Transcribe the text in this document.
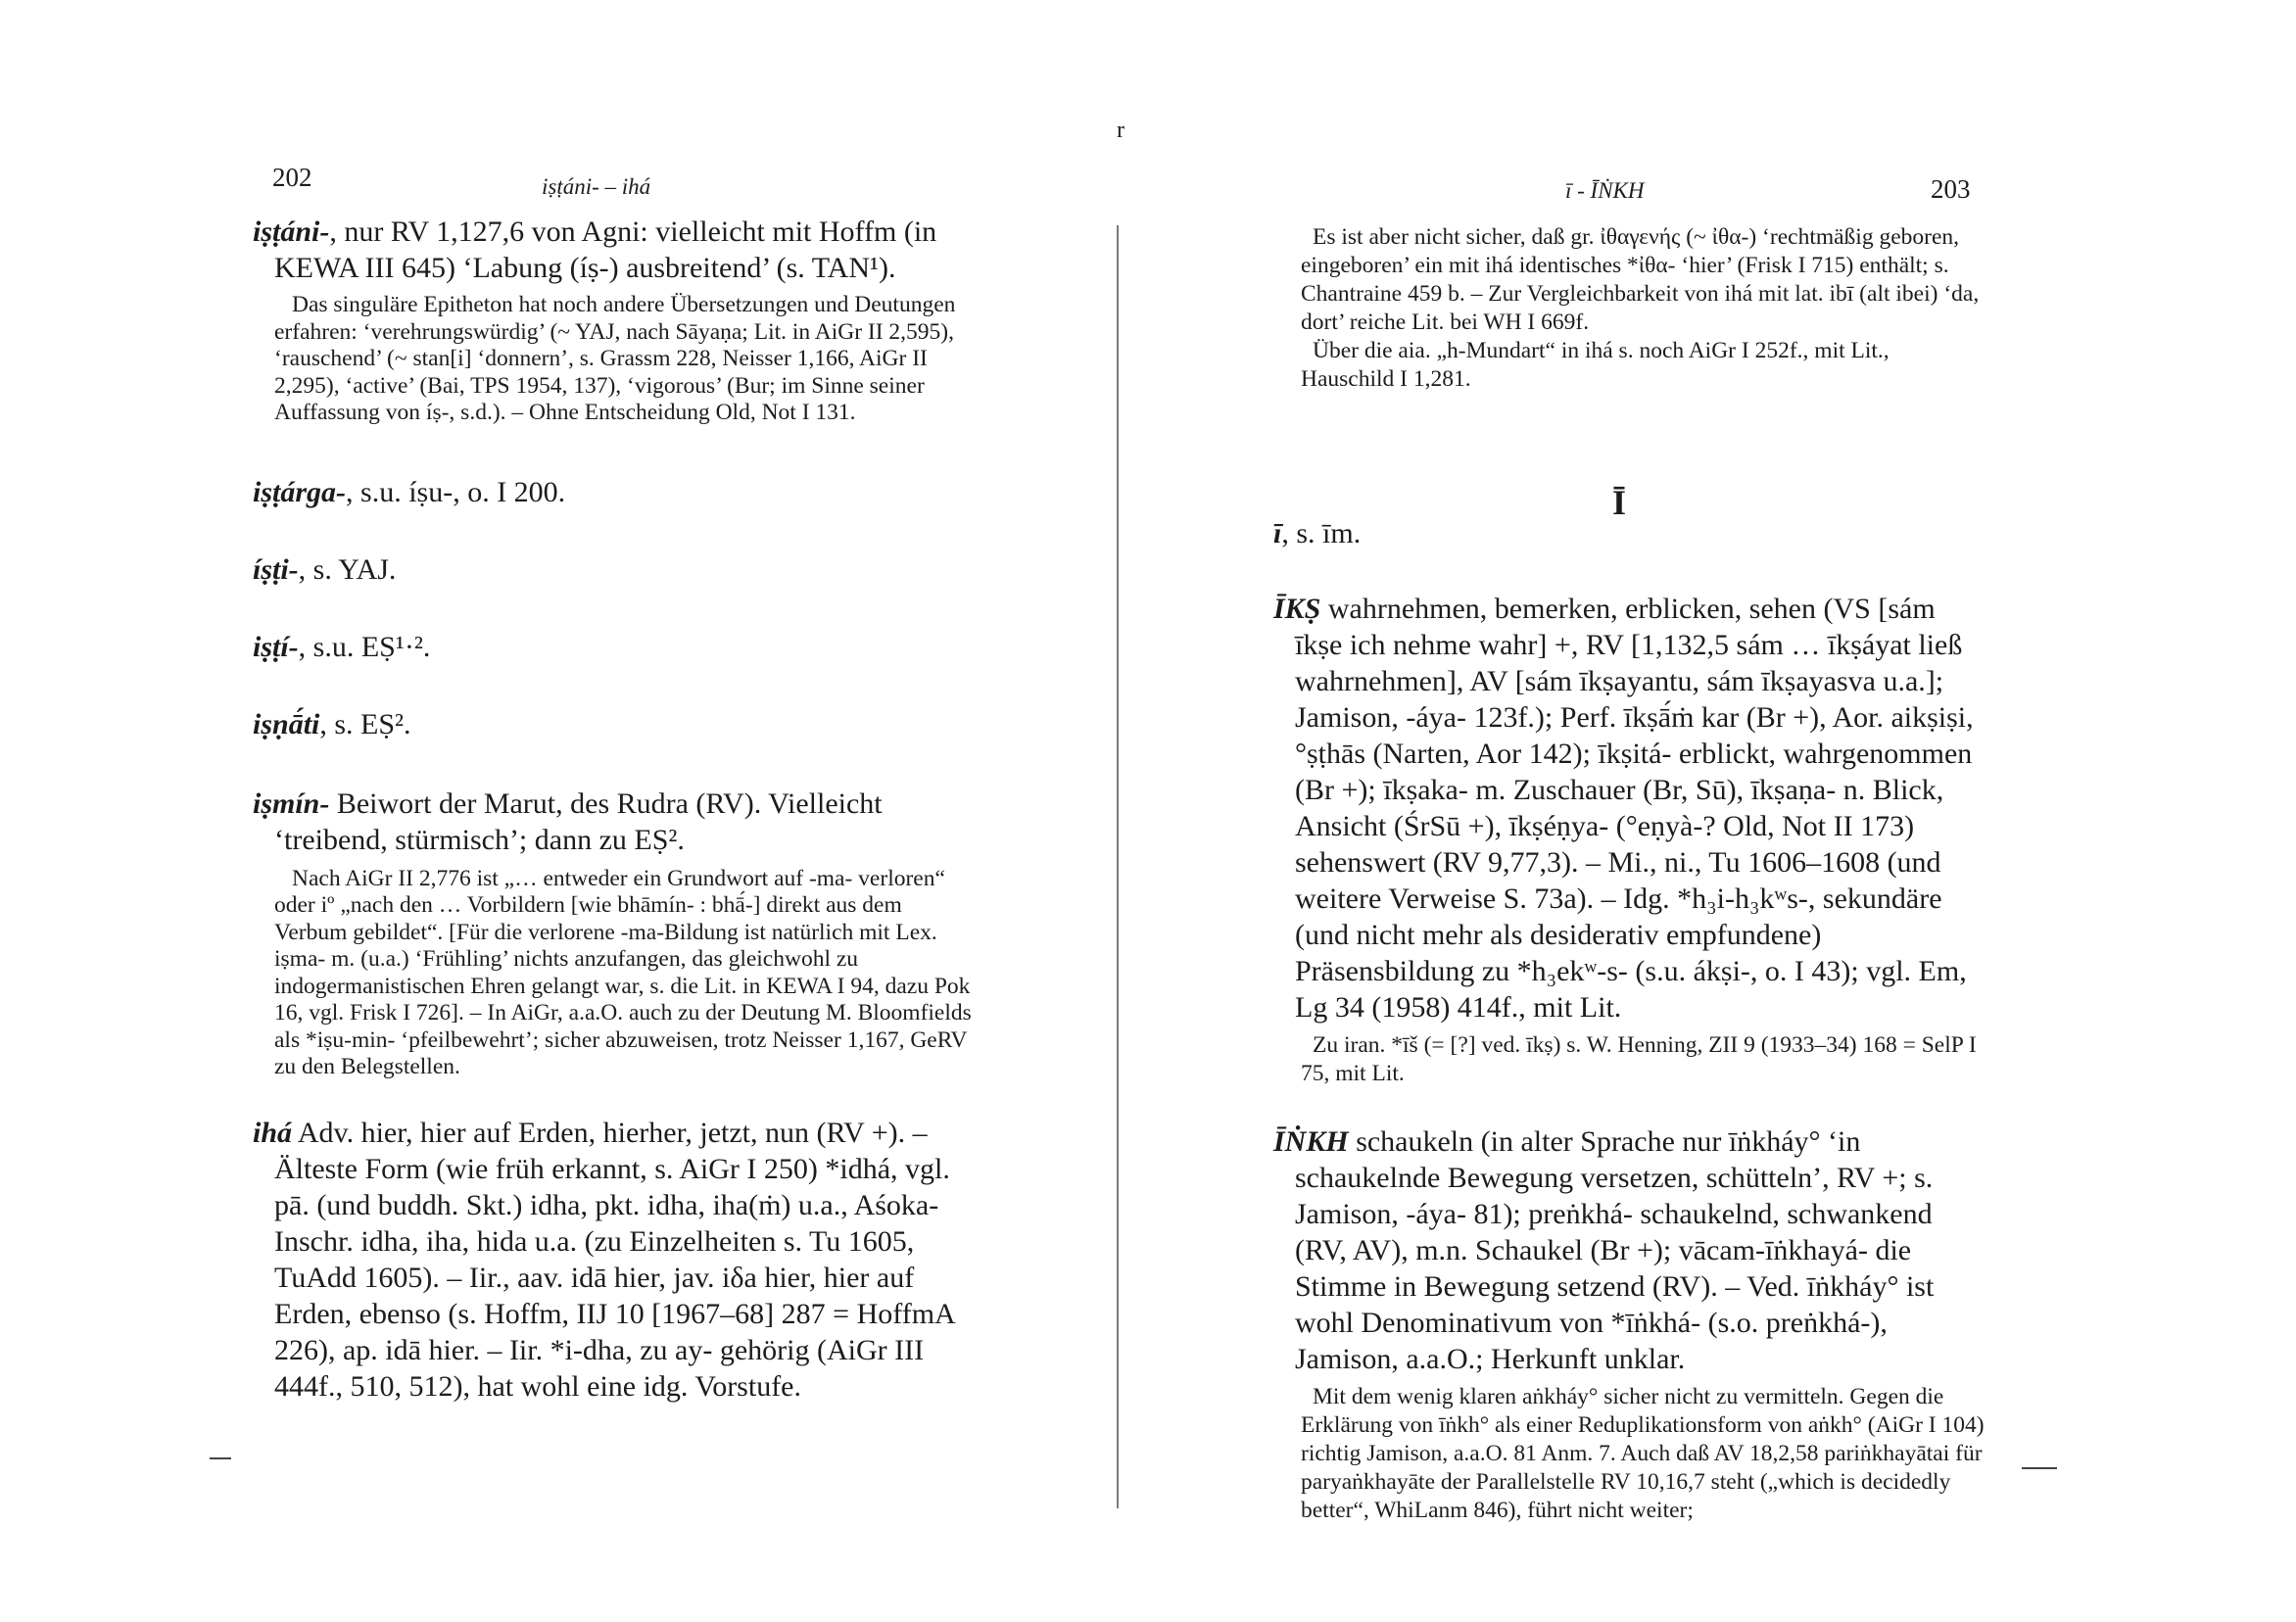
202	iṣṭáni- – ihá

iṣṭáni-, nur RV 1,127,6 von Agni: vielleicht mit Hoffm (in KEWA III 645) ‘Labung (íṣ-) ausbreitend’ (s. TAN¹).

Das singuläre Epitheton hat noch andere Übersetzungen und Deutungen erfahren: ‘verehrungswürdig’ (~ YAJ, nach Sāyaṇa; Lit. in AiGr II 2,595), ‘rauschend’ (~ stan[i] ‘donnern’, s. Grassm 228, Neisser 1,166, AiGr II 2,295), ‘active’ (Bai, TPS 1954, 137), ‘vigorous’ (Bur; im Sinne seiner Auffassung von íṣ-, s.d.). – Ohne Entscheidung Old, Not I 131.

iṣṭárga-, s.u. íṣu-, o. I 200.

íṣṭi-, s. YAJ.

iṣṭí-, s.u. EṢ¹·².

iṣṇā́ti, s. EṢ².

iṣmín- Beiwort der Marut, des Rudra (RV). Vielleicht ‘treibend, stürmisch’; dann zu EṢ².

Nach AiGr II 2,776 ist „… entweder ein Grundwort auf -ma- verloren“ oder iº „nach den … Vorbildern [wie bhāmín- : bhā́-] direkt aus dem Verbum gebildet“. [Für die verlorene -ma-Bildung ist natürlich mit Lex. iṣma- m. (u.a.) ‘Frühling’ nichts anzufangen, das gleichwohl zu indogermanistischen Ehren gelangt war, s. die Lit. in KEWA I 94, dazu Pok 16, vgl. Frisk I 726]. – In AiGr, a.a.O. auch zu der Deutung M. Bloomfields als *iṣu-min- ‘pfeilbewehrt’; sicher abzuweisen, trotz Neisser 1,167, GeRV zu den Belegstellen.

ihá Adv. hier, hier auf Erden, hierher, jetzt, nun (RV +). – Älteste Form (wie früh erkannt, s. AiGr I 250) *idhá, vgl. pā. (und buddh. Skt.) idha, pkt. idha, iha(ṁ) u.a., Aśoka-Inschr. idha, iha, hida u.a. (zu Einzelheiten s. Tu 1605, TuAdd 1605). – Iir., aav. idā hier, jav. iδa hier, hier auf Erden, ebenso (s. Hoffm, IIJ 10 [1967–68] 287 = HoffmA 226), ap. idā hier. – Iir. *i-dha, zu ay- gehörig (AiGr III 444f., 510, 512), hat wohl eine idg. Vorstufe.

r
ī - ĪṄKH	203

Es ist aber nicht sicher, daß gr. ἰθαγενής (~ ἰθα-) ‘rechtmäßig geboren, eingeboren’ ein mit ihá identisches *ἰθα- ‘hier’ (Frisk I 715) enthält; s. Chantraine 459 b. – Zur Vergleichbarkeit von ihá mit lat. ibī (alt ibei) ‘da, dort’ reiche Lit. bei WH I 669f.

Über die aia. „h-Mundart“ in ihá s. noch AiGr I 252f., mit Lit., Hauschild I 1,281.

ī, s. īm.

ĪKṢ wahrnehmen, bemerken, erblicken, sehen (VS [sám īkṣe ich nehme wahr] +, RV [1,132,5 sám … īkṣáyat ließ wahrnehmen], AV [sám īkṣayantu, sám īkṣayasva u.a.]; Jamison, -áya- 123f.); Perf. īkṣā́ṁ kar (Br +), Aor. aikṣiṣi, °ṣṭhās (Narten, Aor 142); īkṣitá- erblickt, wahrgenommen (Br +); īkṣaka- m. Zuschauer (Br, Sū), īkṣaṇa- n. Blick, Ansicht (ŚrSū +), īkṣéṇya- (°eṇyà-? Old, Not II 173) sehenswert (RV 9,77,3). – Mi., ni., Tu 1606–1608 (und weitere Verweise S. 73a). – Idg. *h₃i-h₃kʷs-, sekundäre (und nicht mehr als desiderativ empfundene) Präsensbildung zu *h₃ekʷ-s- (s.u. ákṣi-, o. I 43); vgl. Em, Lg 34 (1958) 414f., mit Lit.

Zu iran. *īš (= [?] ved. īkṣ) s. W. Henning, ZII 9 (1933–34) 168 = SelP I 75, mit Lit.

ĪṄKH schaukeln (in alter Sprache nur īṅkháy° ‘in schaukelnde Bewegung versetzen, schütteln’, RV +; s. Jamison, -áya- 81); preṅkhá- schaukelnd, schwankend (RV, AV), m.n. Schaukel (Br +); vācam-īṅkhayá- die Stimme in Bewegung setzend (RV). – Ved. īṅkháy° ist wohl Denominativum von *īṅkhá- (s.o. preṅkhá-), Jamison, a.a.O.; Herkunft unklar.

Mit dem wenig klaren aṅkháy° sicher nicht zu vermitteln. Gegen die Erklärung von īṅkh° als einer Reduplikationsform von aṅkh° (AiGr I 104) richtig Jamison, a.a.O. 81 Anm. 7. Auch daß AV 18,2,58 pariṅkhayātai für paryaṅkhayāte der Parallelstelle RV 10,16,7 steht („which is decidedly better“, WhiLanm 846), führt nicht weiter;

Ī
